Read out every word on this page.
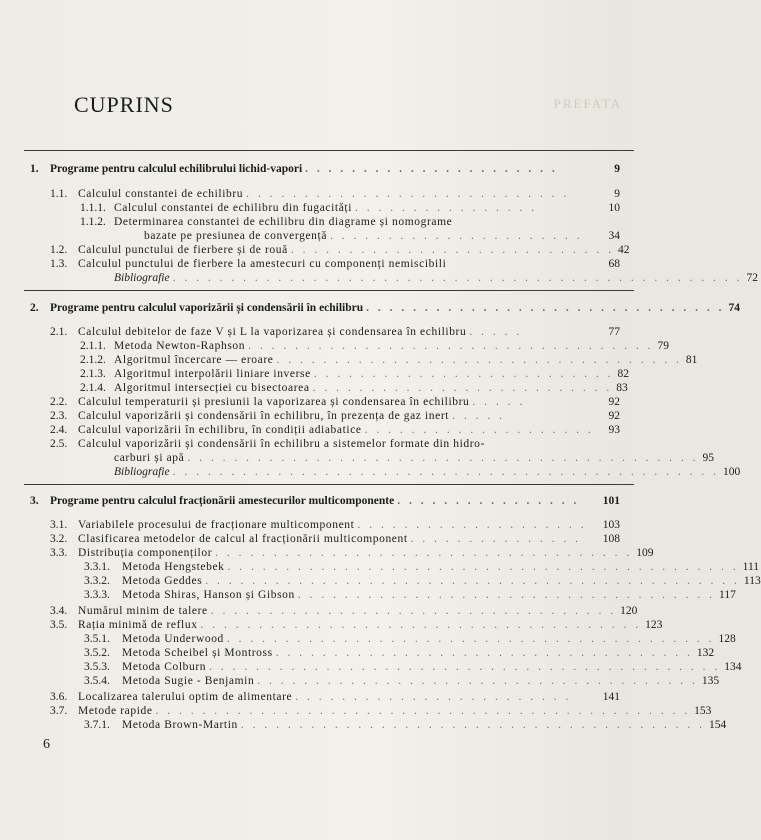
PREFATA
CUPRINS
1. Programe pentru calculul echilibrului lichid-vapori . . . . . . . . . . . . . . . . . . . . . .	9
1.1. Calculul constantei de echilibru . . . . . . . . . . . . . . . . . . . . . . . . . . . .	9
1.1.1. Calculul constantei de echilibru din fugacități . . . . . . . . . . . . . . . .	10
1.1.2. Determinarea constantei de echilibru din diagrame și nomograme
bazate pe presiunea de convergență . . . . . . . . . . . . . . . . . . . . . .	34
1.2. Calculul punctului de fierbere și de rouă . . . . . . . . . . . . . . . . . . . . . . . . . . . . 42
1.3. Calculul punctului de fierbere la amestecuri cu componenți nemiscibili	68
Bibliografie . . . . . . . . . . . . . . . . . . . . . . . . . . . . . . . . . . . . . . . . . . . . . . . . . 72
2. Programe pentru calculul vaporizării și condensării în echilibru . . . . . . . . . . . . . . . . . . . . . . . . . . . . . . . 74
2.1. Calculul debitelor de faze V și L la vaporizarea și condensarea în echilibru . . . . .	77
2.1.1. Metoda Newton-Raphson . . . . . . . . . . . . . . . . . . . . . . . . . . . . . . . . . . . 79
2.1.2. Algoritmul încercare — eroare . . . . . . . . . . . . . . . . . . . . . . . . . . . . . . . . . . . 81
2.1.3. Algoritmul interpolării liniare inverse . . . . . . . . . . . . . . . . . . . . . . . . . . 82
2.1.4. Algoritmul intersecției cu bisectoarea . . . . . . . . . . . . . . . . . . . . . . . . . . 83
2.2. Calculul temperaturii și presiunii la vaporizarea și condensarea în echilibru . . . . .	92
2.3. Calculul vaporizării și condensării în echilibru, în prezența de gaz inert . . . . .	92
2.4. Calculul vaporizării în echilibru, în condiții adiabatice . . . . . . . . . . . . . . . . . . . .	93
2.5. Calculul vaporizării și condensării în echilibru a sistemelor formate din hidro-
carburi și apă . . . . . . . . . . . . . . . . . . . . . . . . . . . . . . . . . . . . . . . . . . . . 95
Bibliografie . . . . . . . . . . . . . . . . . . . . . . . . . . . . . . . . . . . . . . . . . . . . . . . 100
3. Programe pentru calculul fracționării amestecurilor multicomponente . . . . . . . . . . . . . . . .	101
3.1. Variabilele procesului de fracționare multicomponent . . . . . . . . . . . . . . . . . . . .	103
3.2. Clasificarea metodelor de calcul al fracționării multicomponent . . . . . . . . . . . . . . .	108
3.3. Distribuția componenților . . . . . . . . . . . . . . . . . . . . . . . . . . . . . . . . . . . . 109
3.3.1.	Metoda Hengstebek . . . . . . . . . . . . . . . . . . . . . . . . . . . . . . . . . . . . . . . . . . . . 111
3.3.2.	Metoda Geddes . . . . . . . . . . . . . . . . . . . . . . . . . . . . . . . . . . . . . . . . . . . . . . 113
3.3.3.	Metoda Shiras, Hanson și Gibson . . . . . . . . . . . . . . . . . . . . . . . . . . . . . . . . . . . . 117
3.4. Numărul minim de talere . . . . . . . . . . . . . . . . . . . . . . . . . . . . . . . . . . . 120
3.5. Rația minimă de reflux . . . . . . . . . . . . . . . . . . . . . . . . . . . . . . . . . . . . . . 123
3.5.1.	Metoda Underwood . . . . . . . . . . . . . . . . . . . . . . . . . . . . . . . . . . . . . . . . . . 128
3.5.2.	Metoda Scheibel și Montross . . . . . . . . . . . . . . . . . . . . . . . . . . . . . . . . . . . . 132
3.5.3.	Metoda Colburn . . . . . . . . . . . . . . . . . . . . . . . . . . . . . . . . . . . . . . . . . . . . 134
3.5.4.	Metoda Sugie - Benjamin . . . . . . . . . . . . . . . . . . . . . . . . . . . . . . . . . . . . . . 135
3.6. Localizarea talerului optim de alimentare . . . . . . . . . . . . . . . . . . . . . . . .	141
3.7. Metode rapide . . . . . . . . . . . . . . . . . . . . . . . . . . . . . . . . . . . . . . . . . . . . . . 153
3.7.1.	Metoda Brown-Martin . . . . . . . . . . . . . . . . . . . . . . . . . . . . . . . . . . . . . . . . 154
6
